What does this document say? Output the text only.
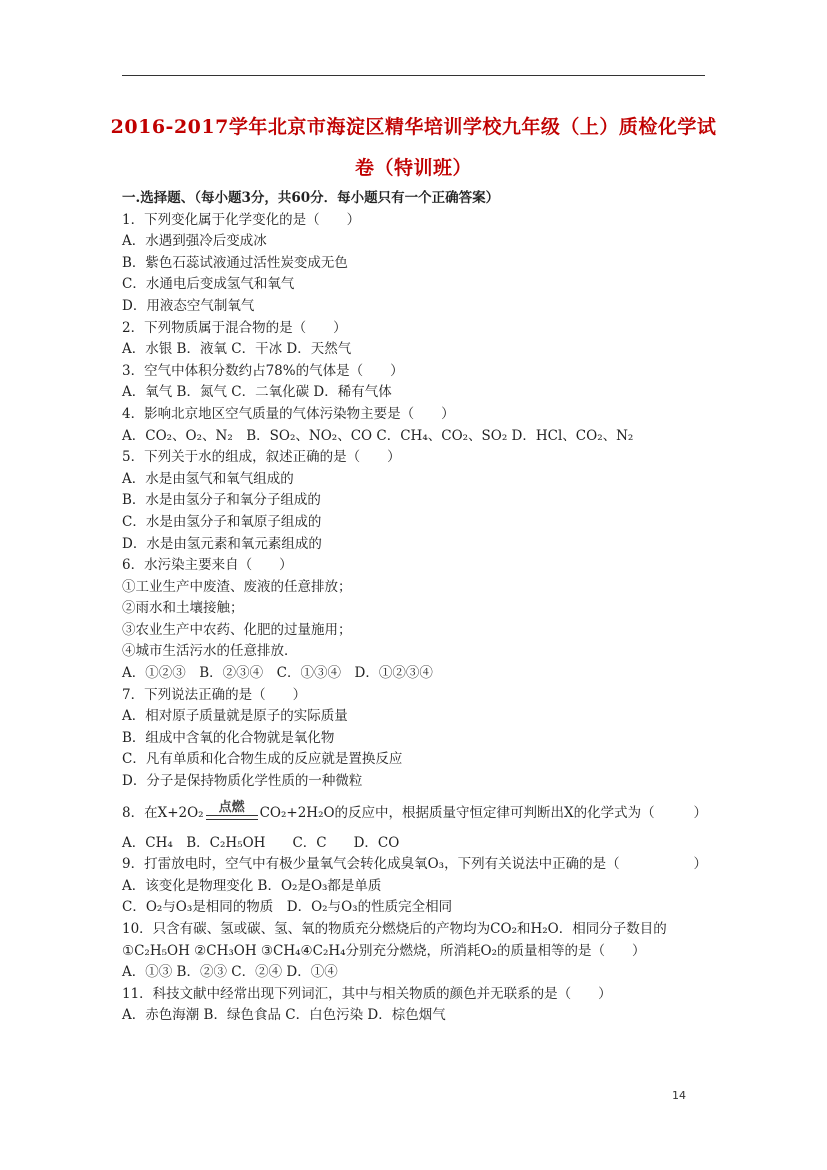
2016-2017学年北京市海淀区精华培训学校九年级（上）质检化学试
卷（特训班）
一.选择题、（每小题3分，共60分．每小题只有一个正确答案）
1．下列变化属于化学变化的是（　　）
A．水遇到强冷后变成冰
B．紫色石蕊试液通过活性炭变成无色
C．水通电后变成氢气和氧气
D．用液态空气制氧气
2．下列物质属于混合物的是（　　）
A．水银 B．液氧 C．干冰 D．天然气
3．空气中体积分数约占78%的气体是（　　）
A．氧气 B．氮气 C．二氧化碳 D．稀有气体
4．影响北京地区空气质量的气体污染物主要是（　　）
A．CO₂、O₂、N₂　B．SO₂、NO₂、CO C．CH₄、CO₂、SO₂ D．HCl、CO₂、N₂
5．下列关于水的组成，叙述正确的是（　　）
A．水是由氢气和氧气组成的
B．水是由氢分子和氧分子组成的
C．水是由氢分子和氧原子组成的
D．水是由氢元素和氧元素组成的
6．水污染主要来自（　　）
①工业生产中废渣、废液的任意排放；
②雨水和土壤接触；
③农业生产中农药、化肥的过量施用；
④城市生活污水的任意排放．
A．①②③　B．②③④　C．①③④　D．①②③④
7．下列说法正确的是（　　）
A．相对原子质量就是原子的实际质量
B．组成中含氧的化合物就是氧化物
C．凡有单质和化合物生成的反应就是置换反应
D．分子是保持物质化学性质的一种微粒
8．在X+2O₂ 点燃 CO₂+2H₂O的反应中，根据质量守恒定律可判断出X的化学式为（	）
A．CH₄　B．C₂H₅OH　　C．C　　D．CO
9．打雷放电时，空气中有极少量氧气会转化成臭氧O₃，下列有关说法中正确的是（	）
A．该变化是物理变化 B．O₂是O₃都是单质
C．O₂与O₃是相同的物质　D．O₂与O₃的性质完全相同
10．只含有碳、氢或碳、氢、氧的物质充分燃烧后的产物均为CO₂和H₂O．相同分子数目的
①C₂H₅OH ②CH₃OH ③CH₄④C₂H₄分别充分燃烧，所消耗O₂的质量相等的是（　　）
A．①③ B．②③ C．②④ D．①④
11．科技文献中经常出现下列词汇，其中与相关物质的颜色并无联系的是（　　）
A．赤色海潮 B．绿色食品 C．白色污染 D．棕色烟气
14
